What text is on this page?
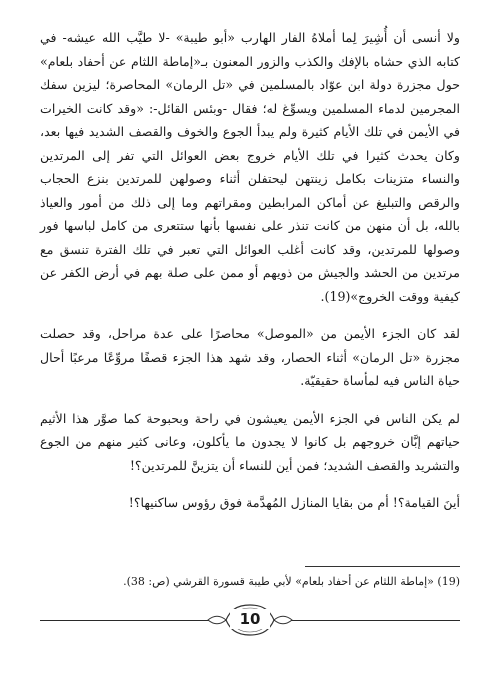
ولا أنسى أن أُشِيرَ لِما أملاهُ الفار الهارب «أبو طيبة» -لا طيَّب الله عيشه- في كتابه الذي حشاه بالإفك والكذب والزور المعنون بـ«إماطة اللثام عن أحفاد بلعام» حول مجزرة دولة ابن عوّاد بالمسلمين في «تل الرمان» المحاصرة؛ ليزين سفك المجرمين لدماء المسلمين ويسوِّغ له؛ فقال -وبئس القائل-: «وقد كانت الخيرات في الأيمن في تلك الأيام كثيرة ولم يبدأ الجوع والخوف والقصف الشديد فيها بعد، وكان يحدث كثيرا في تلك الأيام خروج بعض العوائل التي تفر إلى المرتدين والنساء متزينات بكامل زينتهن ليحتفلن أثناء وصولهن للمرتدين بنزع الحجاب والرقص والتبليغ عن أماكن المرابطين ومقراتهم وما إلى ذلك من أمور والعياذ بالله، بل أن منهن من كانت تنذر على نفسها بأنها ستتعرى من كامل لباسها فور وصولها للمرتدين، وقد كانت أغلب العوائل التي تعبر في تلك الفترة تنسق مع مرتدين من الحشد والجيش من ذويهم أو ممن على صلة بهم في أرض الكفر عن كيفية ووقت الخروج»(19).

لقد كان الجزء الأيمن من «الموصل» محاصرًا على عدة مراحل، وقد حصلت مجزرة «تل الرمان» أثناء الحصار، وقد شهد هذا الجزء قصفًا مروِّعًا مرعبًا أحال حياة الناس فيه لمأساة حقيقيّة.

لم يكن الناس في الجزء الأيمن يعيشون في راحة وبحبوحة كما صوَّر هذا الأثيم حياتهم إبَّان خروجهم بل كانوا لا يجدون ما يأكلون، وعانى كثير منهم من الجوع والتشريد والقصف الشديد؛ فمن أين للنساء أن يتزينَّ للمرتدين؟!

أينَ القيامة؟! أم من بقايا المنازل المُهدَّمة فوق رؤوس ساكنيها؟!

(19) «إماطة اللثام عن أحفاد بلعام» لأبي طيبة قسورة القرشي (ص: 38).
10
